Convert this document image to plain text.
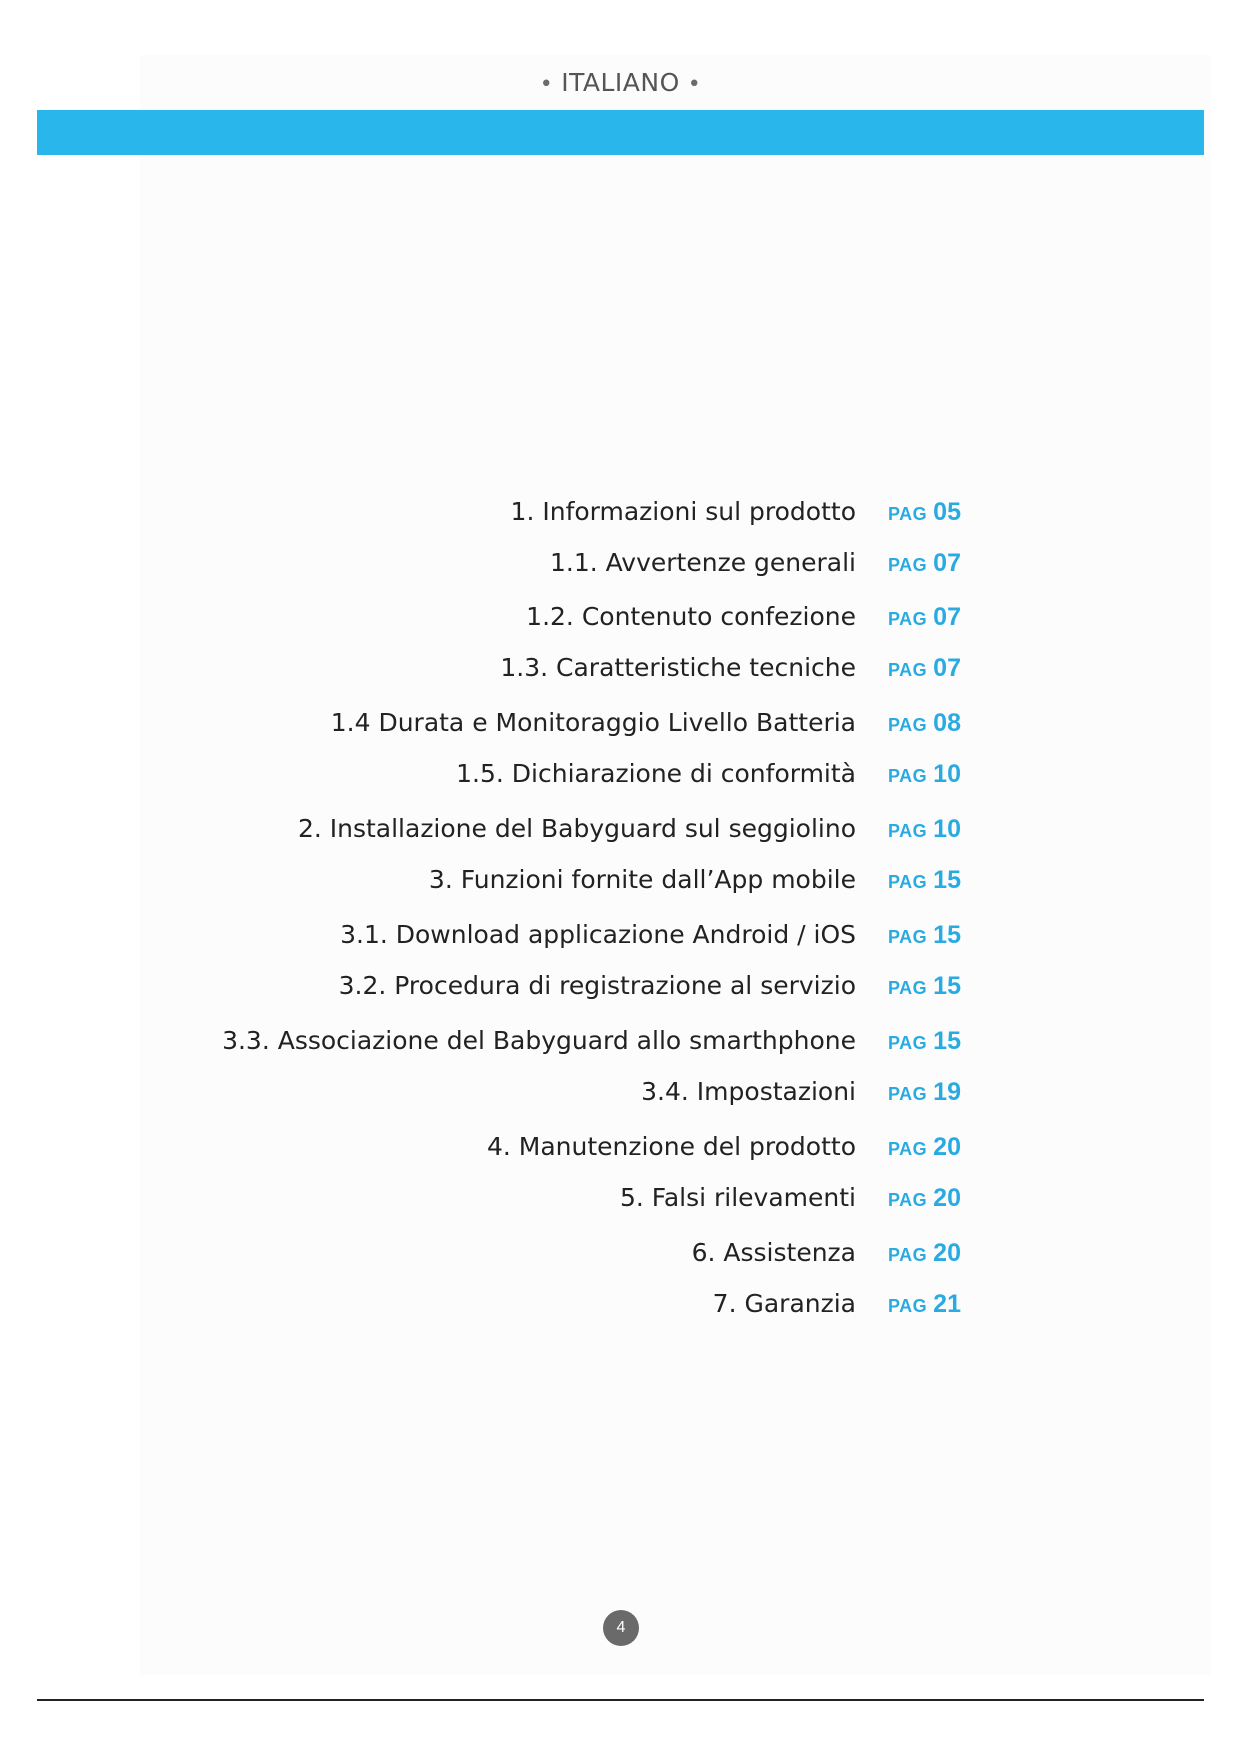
• ITALIANO •
1. Informazioni sul prodotto PAG 05
1.1. Avvertenze generali PAG 07
1.2. Contenuto confezione PAG 07
1.3. Caratteristiche tecniche PAG 07
1.4 Durata e Monitoraggio Livello Batteria PAG 08
1.5. Dichiarazione di conformità PAG 10
2. Installazione del Babyguard sul seggiolino PAG 10
3. Funzioni fornite dall’App mobile PAG 15
3.1. Download applicazione Android / iOS PAG 15
3.2. Procedura di registrazione al servizio PAG 15
3.3. Associazione del Babyguard allo smarthphone PAG 15
3.4. Impostazioni PAG 19
4. Manutenzione del prodotto PAG 20
5. Falsi rilevamenti PAG 20
6. Assistenza PAG 20
7. Garanzia PAG 21
4
